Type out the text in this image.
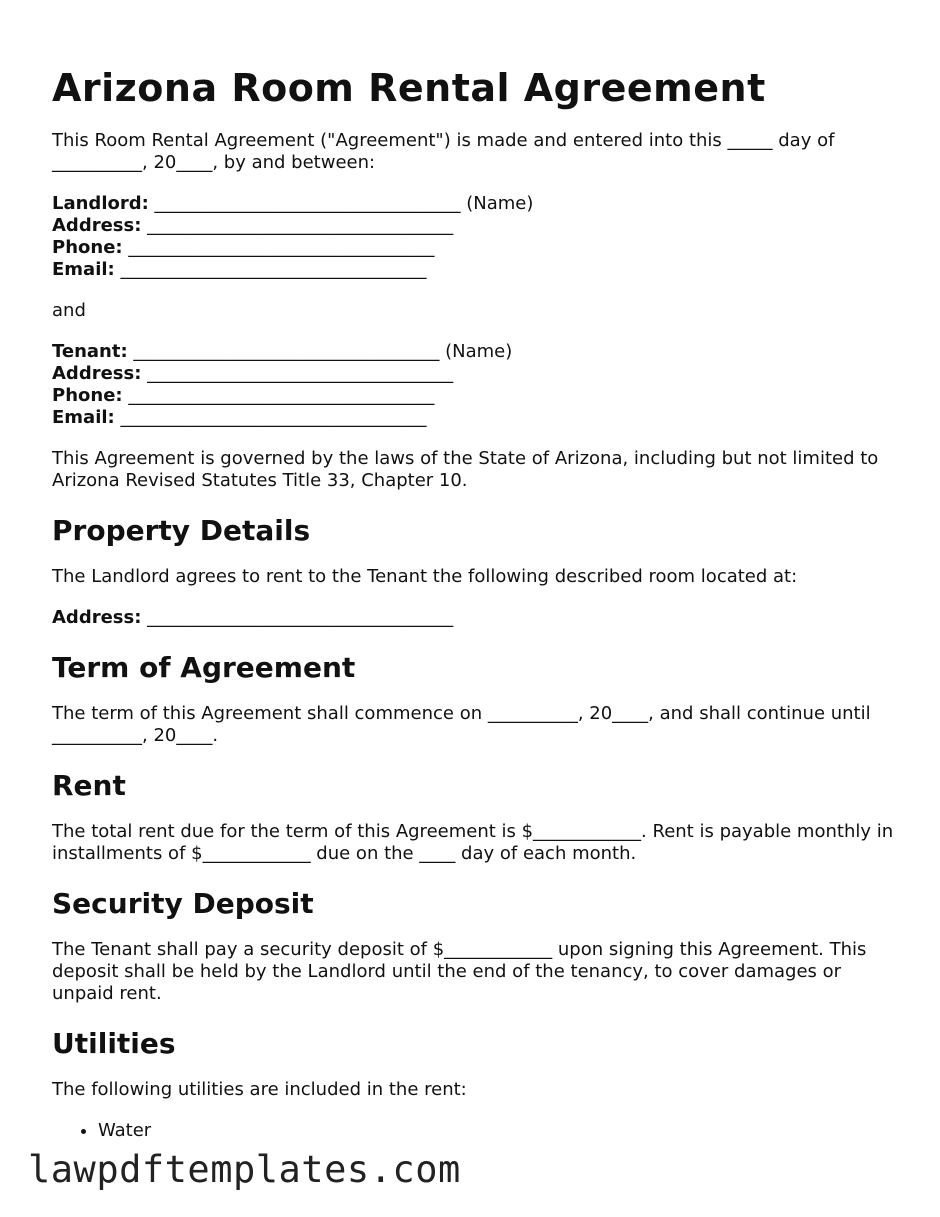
Arizona Room Rental Agreement

This Room Rental Agreement ("Agreement") is made and entered into this _____ day of __________, 20____, by and between:

Landlord: __________________________________ (Name)
Address: __________________________________
Phone: __________________________________
Email: __________________________________

and

Tenant: __________________________________ (Name)
Address: __________________________________
Phone: __________________________________
Email: __________________________________

This Agreement is governed by the laws of the State of Arizona, including but not limited to Arizona Revised Statutes Title 33, Chapter 10.

Property Details

The Landlord agrees to rent to the Tenant the following described room located at:

Address: __________________________________
Term of Agreement

The term of this Agreement shall commence on __________, 20____, and shall continue until __________, 20____.

Rent

The total rent due for the term of this Agreement is $____________. Rent is payable monthly in installments of $____________ due on the ____ day of each month.

Security Deposit

The Tenant shall pay a security deposit of $____________ upon signing this Agreement. This deposit shall be held by the Landlord until the end of the tenancy, to cover damages or unpaid rent.

Utilities

The following utilities are included in the rent:

• Water
lawpdftemplates.com
